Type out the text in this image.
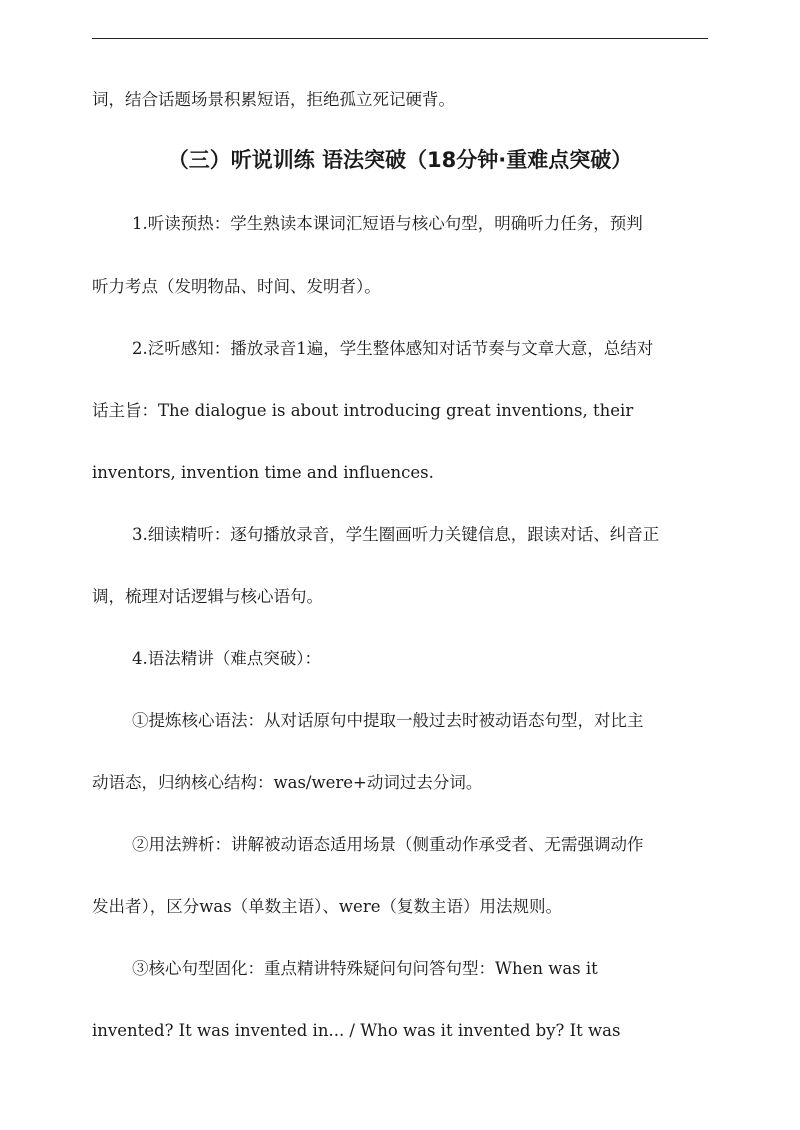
词，结合话题场景积累短语，拒绝孤立死记硬背。
（三）听说训练 语法突破（18分钟·重难点突破）
1.听读预热：学生熟读本课词汇短语与核心句型，明确听力任务，预判
听力考点（发明物品、时间、发明者）。
2.泛听感知：播放录音1遍，学生整体感知对话节奏与文章大意，总结对
话主旨：The dialogue is about introducing great inventions, their
inventors, invention time and influences.
3.细读精听：逐句播放录音，学生圈画听力关键信息，跟读对话、纠音正
调，梳理对话逻辑与核心语句。
4.语法精讲（难点突破）：
①提炼核心语法：从对话原句中提取一般过去时被动语态句型，对比主
动语态，归纳核心结构：was/were+动词过去分词。
②用法辨析：讲解被动语态适用场景（侧重动作承受者、无需强调动作
发出者），区分was（单数主语）、were（复数主语）用法规则。
③核心句型固化：重点精讲特殊疑问句问答句型：When was it
invented? It was invented in... / Who was it invented by? It was
